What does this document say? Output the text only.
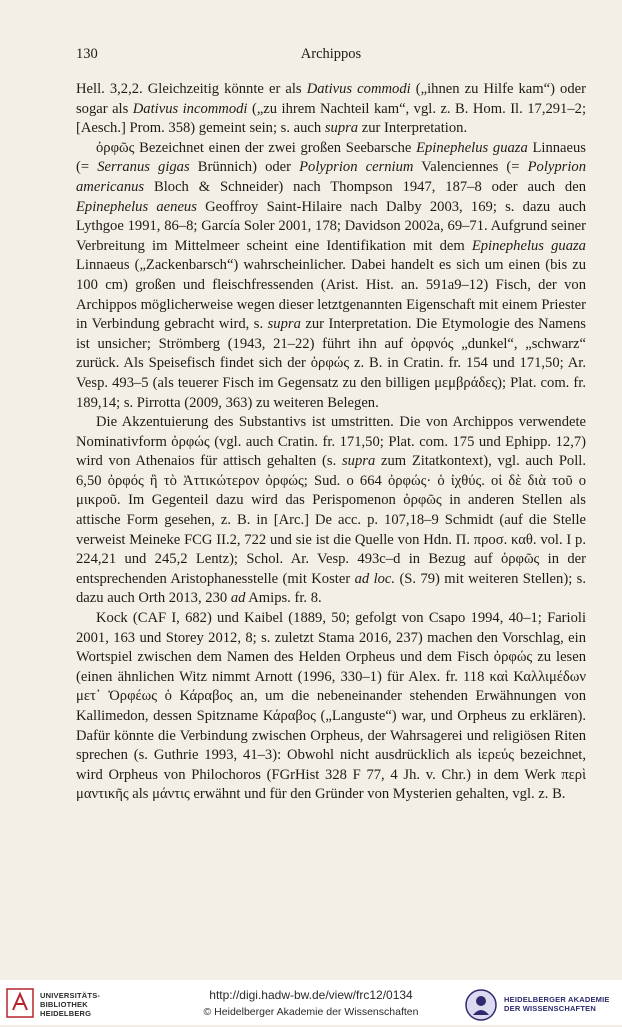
130	Archippos

Hell. 3,2,2. Gleichzeitig könnte er als Dativus commodi („ihnen zu Hilfe kam“) oder sogar als Dativus incommodi („zu ihrem Nachteil kam“, vgl. z. B. Hom. Il. 17,291–2; [Aesch.] Prom. 358) gemeint sein; s. auch supra zur Interpretation.

ὀρφῶς Bezeichnet einen der zwei großen Seebarsche Epinephelus guaza Linnaeus (= Serranus gigas Brünnich) oder Polyprion cernium Valenciennes (= Polyprion americanus Bloch & Schneider) nach Thompson 1947, 187–8 oder auch den Epinephelus aeneus Geoffroy Saint-Hilaire nach Dalby 2003, 169; s. dazu auch Lythgoe 1991, 86–8; García Soler 2001, 178; Davidson 2002a, 69–71. Aufgrund seiner Verbreitung im Mittelmeer scheint eine Identifikation mit dem Epinephelus guaza Linnaeus („Zackenbarsch“) wahrscheinlicher. Dabei handelt es sich um einen (bis zu 100 cm) großen und fleischfressenden (Arist. Hist. an. 591a9–12) Fisch, der von Archippos möglicherweise wegen dieser letztgenannten Eigenschaft mit einem Priester in Verbindung gebracht wird, s. supra zur Interpretation. Die Etymologie des Namens ist unsicher; Strömberg (1943, 21–22) führt ihn auf ὀρφνός „dunkel“, „schwarz“ zurück. Als Speisefisch findet sich der ὀρφώς z. B. in Cratin. fr. 154 und 171,50; Ar. Vesp. 493–5 (als teuerer Fisch im Gegensatz zu den billigen μεμβράδες); Plat. com. fr. 189,14; s. Pirrotta (2009, 363) zu weiteren Belegen.

Die Akzentuierung des Substantivs ist umstritten. Die von Archippos verwendete Nominativform ὀρφώς (vgl. auch Cratin. fr. 171,50; Plat. com. 175 und Ephipp. 12,7) wird von Athenaios für attisch gehalten (s. supra zum Zitatkontext), vgl. auch Poll. 6,50 ὀρφός ἢ τὸ Ἀττικώτερον ὀρφώς; Sud. ο 664 ὀρφώς· ὁ ἰχθύς. οἱ δὲ διὰ τοῦ ο μικροῦ. Im Gegenteil dazu wird das Perispomenon ὀρφῶς in anderen Stellen als attische Form gesehen, z. B. in [Arc.] De acc. p. 107,18–9 Schmidt (auf die Stelle verweist Meineke FCG II.2, 722 und sie ist die Quelle von Hdn. Π. προσ. καθ. vol. I p. 224,21 und 245,2 Lentz); Schol. Ar. Vesp. 493c–d in Bezug auf ὀρφῶς in der entsprechenden Aristophanesstelle (mit Koster ad loc. (S. 79) mit weiteren Stellen); s. dazu auch Orth 2013, 230 ad Amips. fr. 8.

Kock (CAF I, 682) und Kaibel (1889, 50; gefolgt von Csapo 1994, 40–1; Farioli 2001, 163 und Storey 2012, 8; s. zuletzt Stama 2016, 237) machen den Vorschlag, ein Wortspiel zwischen dem Namen des Helden Orpheus und dem Fisch ὀρφώς zu lesen (einen ähnlichen Witz nimmt Arnott (1996, 330–1) für Alex. fr. 118 καὶ Καλλιμέδων μετ᾽ Ὀρφέως ὁ Κάραβος an, um die nebeneinander stehenden Erwähnungen von Kallimedon, dessen Spitzname Κάραβος („Languste“) war, und Orpheus zu erklären). Dafür könnte die Verbindung zwischen Orpheus, der Wahrsagerei und religiösen Riten sprechen (s. Guthrie 1993, 41–3): Obwohl nicht ausdrücklich als ἱερεύς bezeichnet, wird Orpheus von Philochoros (FGrHist 328 F 77, 4 Jh. v. Chr.) in dem Werk περὶ μαντικῆς als μάντις erwähnt und für den Gründer von Mysterien gehalten, vgl. z. B.

UNIVERSITÄTS-
BIBLIOTHEK
HEIDELBERG
http://digi.hadw-bw.de/view/frc12/0134
© Heidelberger Akademie der Wissenschaften
HEIDELBERGER AKADEMIE
DER WISSENSCHAFTEN
